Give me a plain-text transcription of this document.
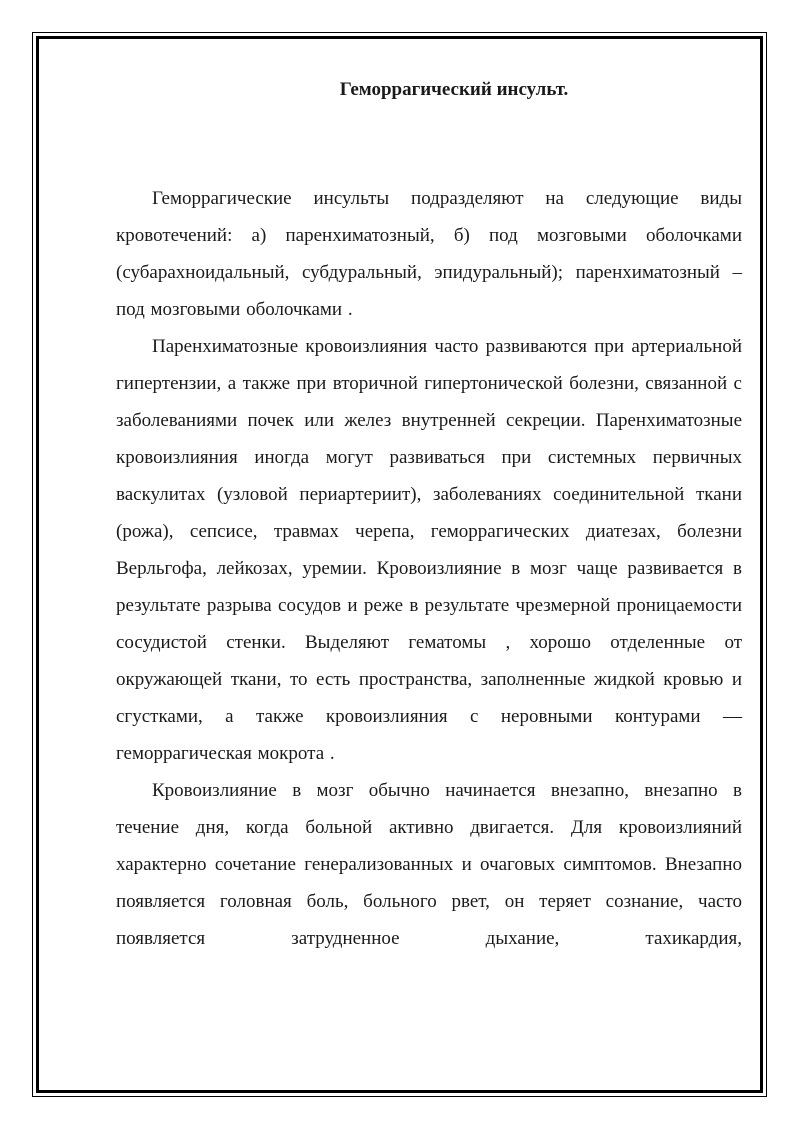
Геморрагический инсульт.

Геморрагические инсульты подразделяют на следующие виды кровотечений: а) паренхиматозный, б) под мозговыми оболочками (субарахноидальный, субдуральный, эпидуральный); паренхиматозный – под мозговыми оболочками .

Паренхиматозные кровоизлияния часто развиваются при артериальной гипертензии, а также при вторичной гипертонической болезни, связанной с заболеваниями почек или желез внутренней секреции. Паренхиматозные кровоизлияния иногда могут развиваться при системных первичных васкулитах (узловой периартериит), заболеваниях соединительной ткани (рожа), сепсисе, травмах черепа, геморрагических диатезах, болезни Верльгофа, лейкозах, уремии. Кровоизлияние в мозг чаще развивается в результате разрыва сосудов и реже в результате чрезмерной проницаемости сосудистой стенки. Выделяют гематомы , хорошо отделенные от окружающей ткани, то есть пространства, заполненные жидкой кровью и сгустками, а также кровоизлияния с неровными контурами — геморрагическая мокрота .

Кровоизлияние в мозг обычно начинается внезапно, внезапно в течение дня, когда больной активно двигается. Для кровоизлияний характерно сочетание генерализованных и очаговых симптомов. Внезапно появляется головная боль, больного рвет, он теряет сознание, часто появляется затрудненное дыхание, тахикардия,
